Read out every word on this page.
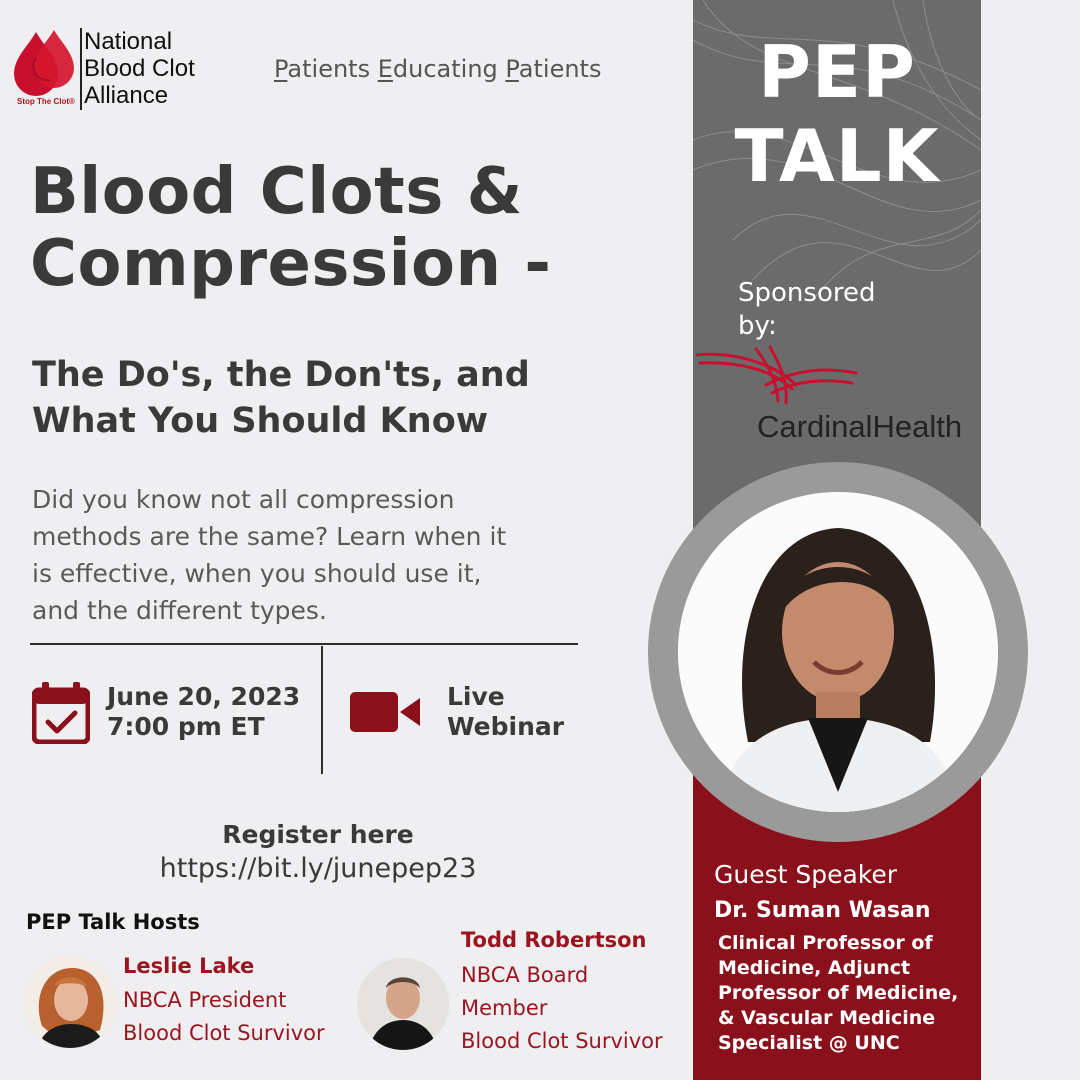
Stop The Clot®
National
Blood Clot
Alliance
Patients Educating Patients
Blood Clots &
Compression -
The Do's, the Don'ts, and
What You Should Know
Did you know not all compression
methods are the same? Learn when it
is effective, when you should use it,
and the different types.
June 20, 2023
7:00 pm ET
Live
Webinar
Register here
https://bit.ly/junepep23
PEP Talk Hosts
Leslie Lake
NBCA President
Blood Clot Survivor
Todd Robertson
NBCA Board
Member
Blood Clot Survivor
PEP
TALK
Sponsored
by:
CardinalHealth
Guest Speaker
Dr. Suman Wasan
Clinical Professor of
Medicine, Adjunct
Professor of Medicine,
& Vascular Medicine
Specialist @ UNC
